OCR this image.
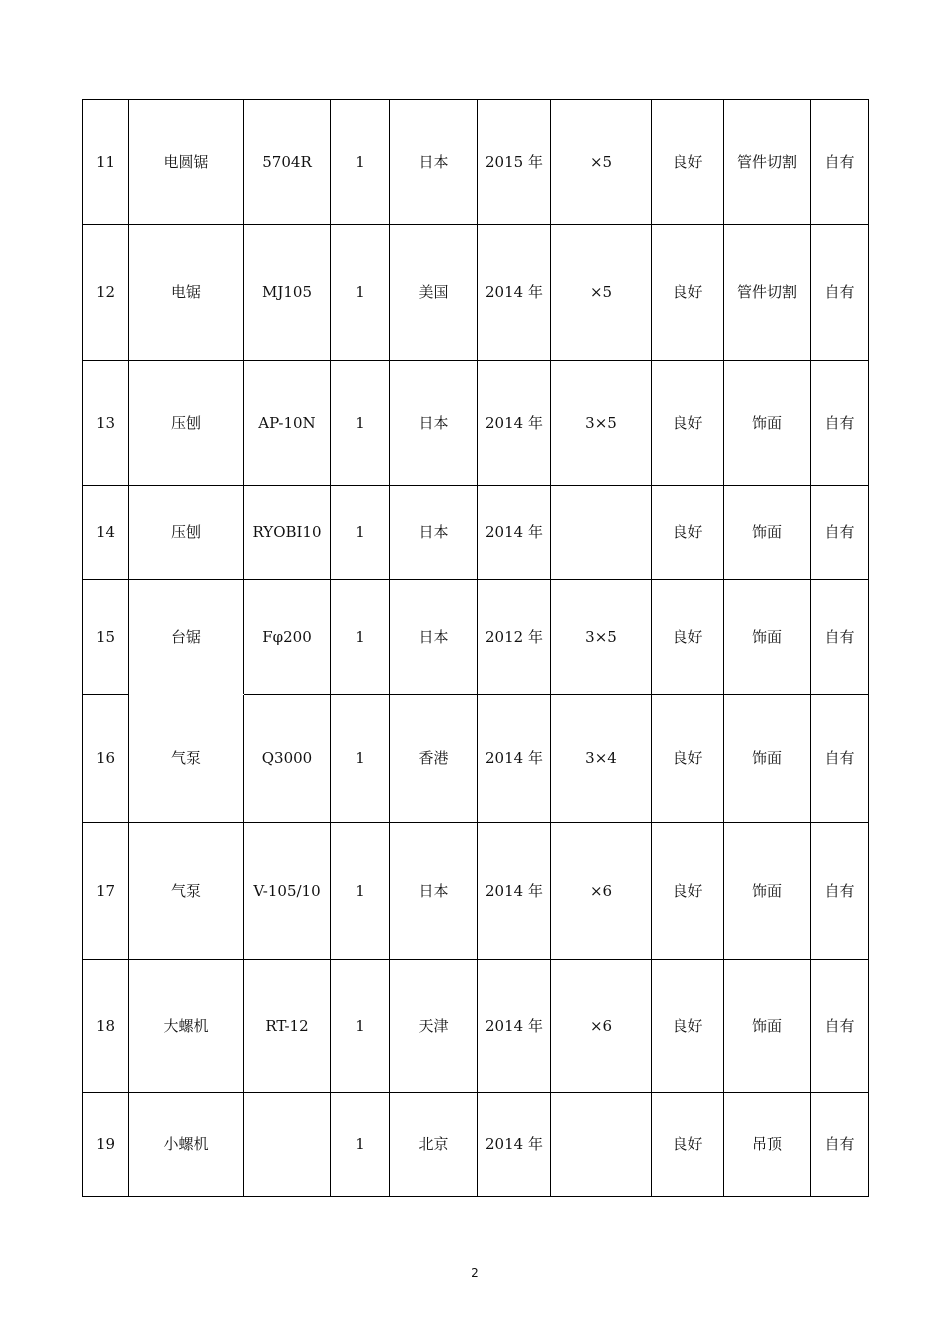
11	电圆锯	5704R	1	日本	2015 年	×5	良好	管件切割	自有
12	电锯	MJ105	1	美国	2014 年	×5	良好	管件切割	自有
13	压刨	AP-10N	1	日本	2014 年	3×5	良好	饰面	自有
14	压刨	RYOBI10	1	日本	2014 年		良好	饰面	自有
15	台锯	Fφ200	1	日本	2012 年	3×5	良好	饰面	自有
16	气泵	Q3000	1	香港	2014 年	3×4	良好	饰面	自有
17	气泵	V-105/10	1	日本	2014 年	×6	良好	饰面	自有
18	大螺机	RT-12	1	天津	2014 年	×6	良好	饰面	自有
19	小螺机		1	北京	2014 年		良好	吊顶	自有
2
